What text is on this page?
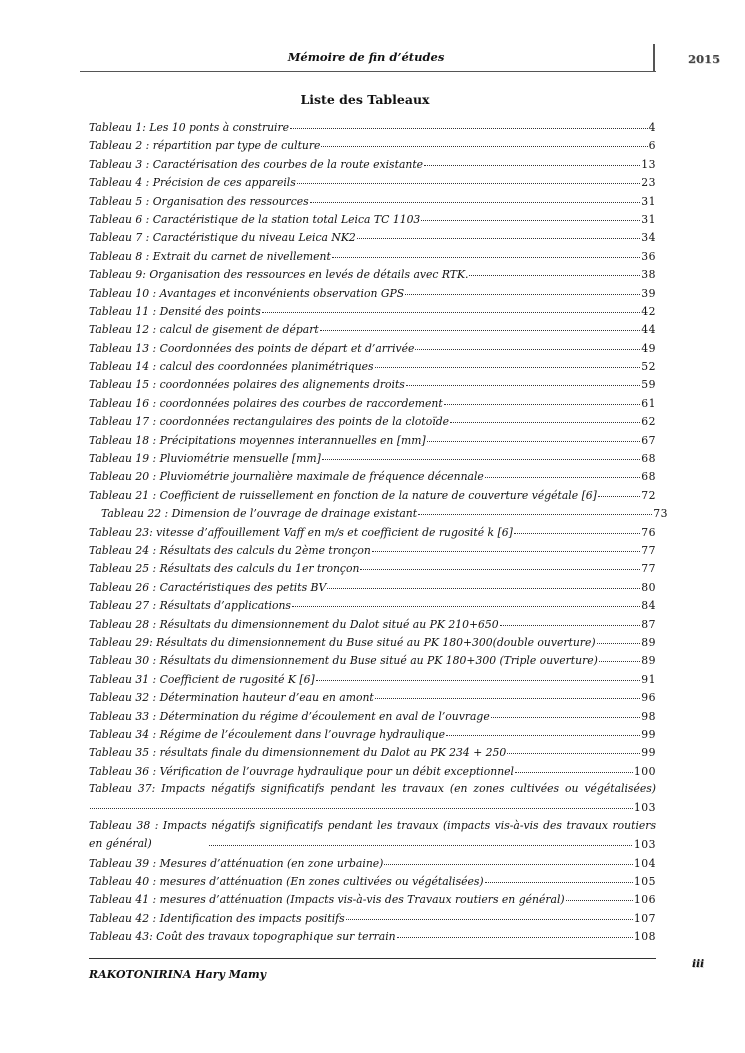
Mémoire de fin d’études	2015
Liste des Tableaux
Tableau 1: Les 10 ponts à construire	4
Tableau 2 : répartition par type de culture	6
Tableau 3 : Caractérisation des courbes de la route existante	13
Tableau 4 : Précision de ces appareils	23
Tableau 5 : Organisation des ressources	31
Tableau 6 : Caractéristique de la station total Leica TC 1103	31
Tableau 7 : Caractéristique du niveau Leica NK2	34
Tableau 8 : Extrait du carnet de nivellement	36
Tableau 9: Organisation des ressources en levés de détails avec RTK.	38
Tableau 10 : Avantages et inconvénients observation GPS	39
Tableau 11 : Densité des points	42
Tableau 12 : calcul de gisement de départ	44
Tableau 13 : Coordonnées des points de départ et d’arrivée	49
Tableau 14 : calcul des coordonnées planimétriques	52
Tableau 15 : coordonnées polaires des alignements droits	59
Tableau 16 : coordonnées polaires des courbes de raccordement	61
Tableau 17 : coordonnées rectangulaires des points de la clotoïde	62
Tableau 18 : Précipitations moyennes interannuelles en [mm]	67
Tableau 19 : Pluviométrie mensuelle [mm]	68
Tableau 20 : Pluviométrie journalière maximale de fréquence décennale	68
Tableau 21 : Coefficient de ruissellement en fonction de la nature de couverture végétale [6]	72
Tableau 22 : Dimension de l’ouvrage de drainage existant	73
Tableau 23: vitesse d’affouillement Vaff en m/s et coefficient de rugosité k [6]	76
Tableau 24 : Résultats des calculs du 2ème tronçon	77
Tableau 25 : Résultats des calculs du 1er tronçon	77
Tableau 26 : Caractéristiques des petits BV	80
Tableau 27 : Résultats d’applications	84
Tableau 28 : Résultats du dimensionnement du Dalot situé au PK 210+650	87
Tableau 29: Résultats du dimensionnement du Buse situé au PK 180+300(double ouverture)	89
Tableau 30 : Résultats du dimensionnement du Buse situé au PK 180+300 (Triple ouverture)	89
Tableau 31 : Coefficient de rugosité K [6]	91
Tableau 32 : Détermination hauteur d’eau en amont	96
Tableau 33 : Détermination du régime d’écoulement en aval de l’ouvrage	98
Tableau 34 : Régime de l’écoulement dans l’ouvrage hydraulique	99
Tableau 35 : résultats finale du dimensionnement du Dalot au PK 234 + 250	99
Tableau 36 : Vérification de l’ouvrage hydraulique pour un débit exceptionnel	100
Tableau 37: Impacts négatifs significatifs pendant les travaux (en zones cultivées ou végétalisées)
103
Tableau 38 : Impacts négatifs significatifs pendant les travaux (impacts vis-à-vis des travaux routiers en général)	103
Tableau 39 : Mesures d’atténuation (en zone urbaine)	104
Tableau 40 : mesures d’atténuation (En zones cultivées ou végétalisées)	105
Tableau 41 : mesures d’atténuation (Impacts vis-à-vis des Travaux routiers en général)	106
Tableau 42 : Identification des impacts positifs	107
Tableau 43: Coût des travaux topographique sur terrain	108
RAKOTONIRINA Hary Mamy
iii
